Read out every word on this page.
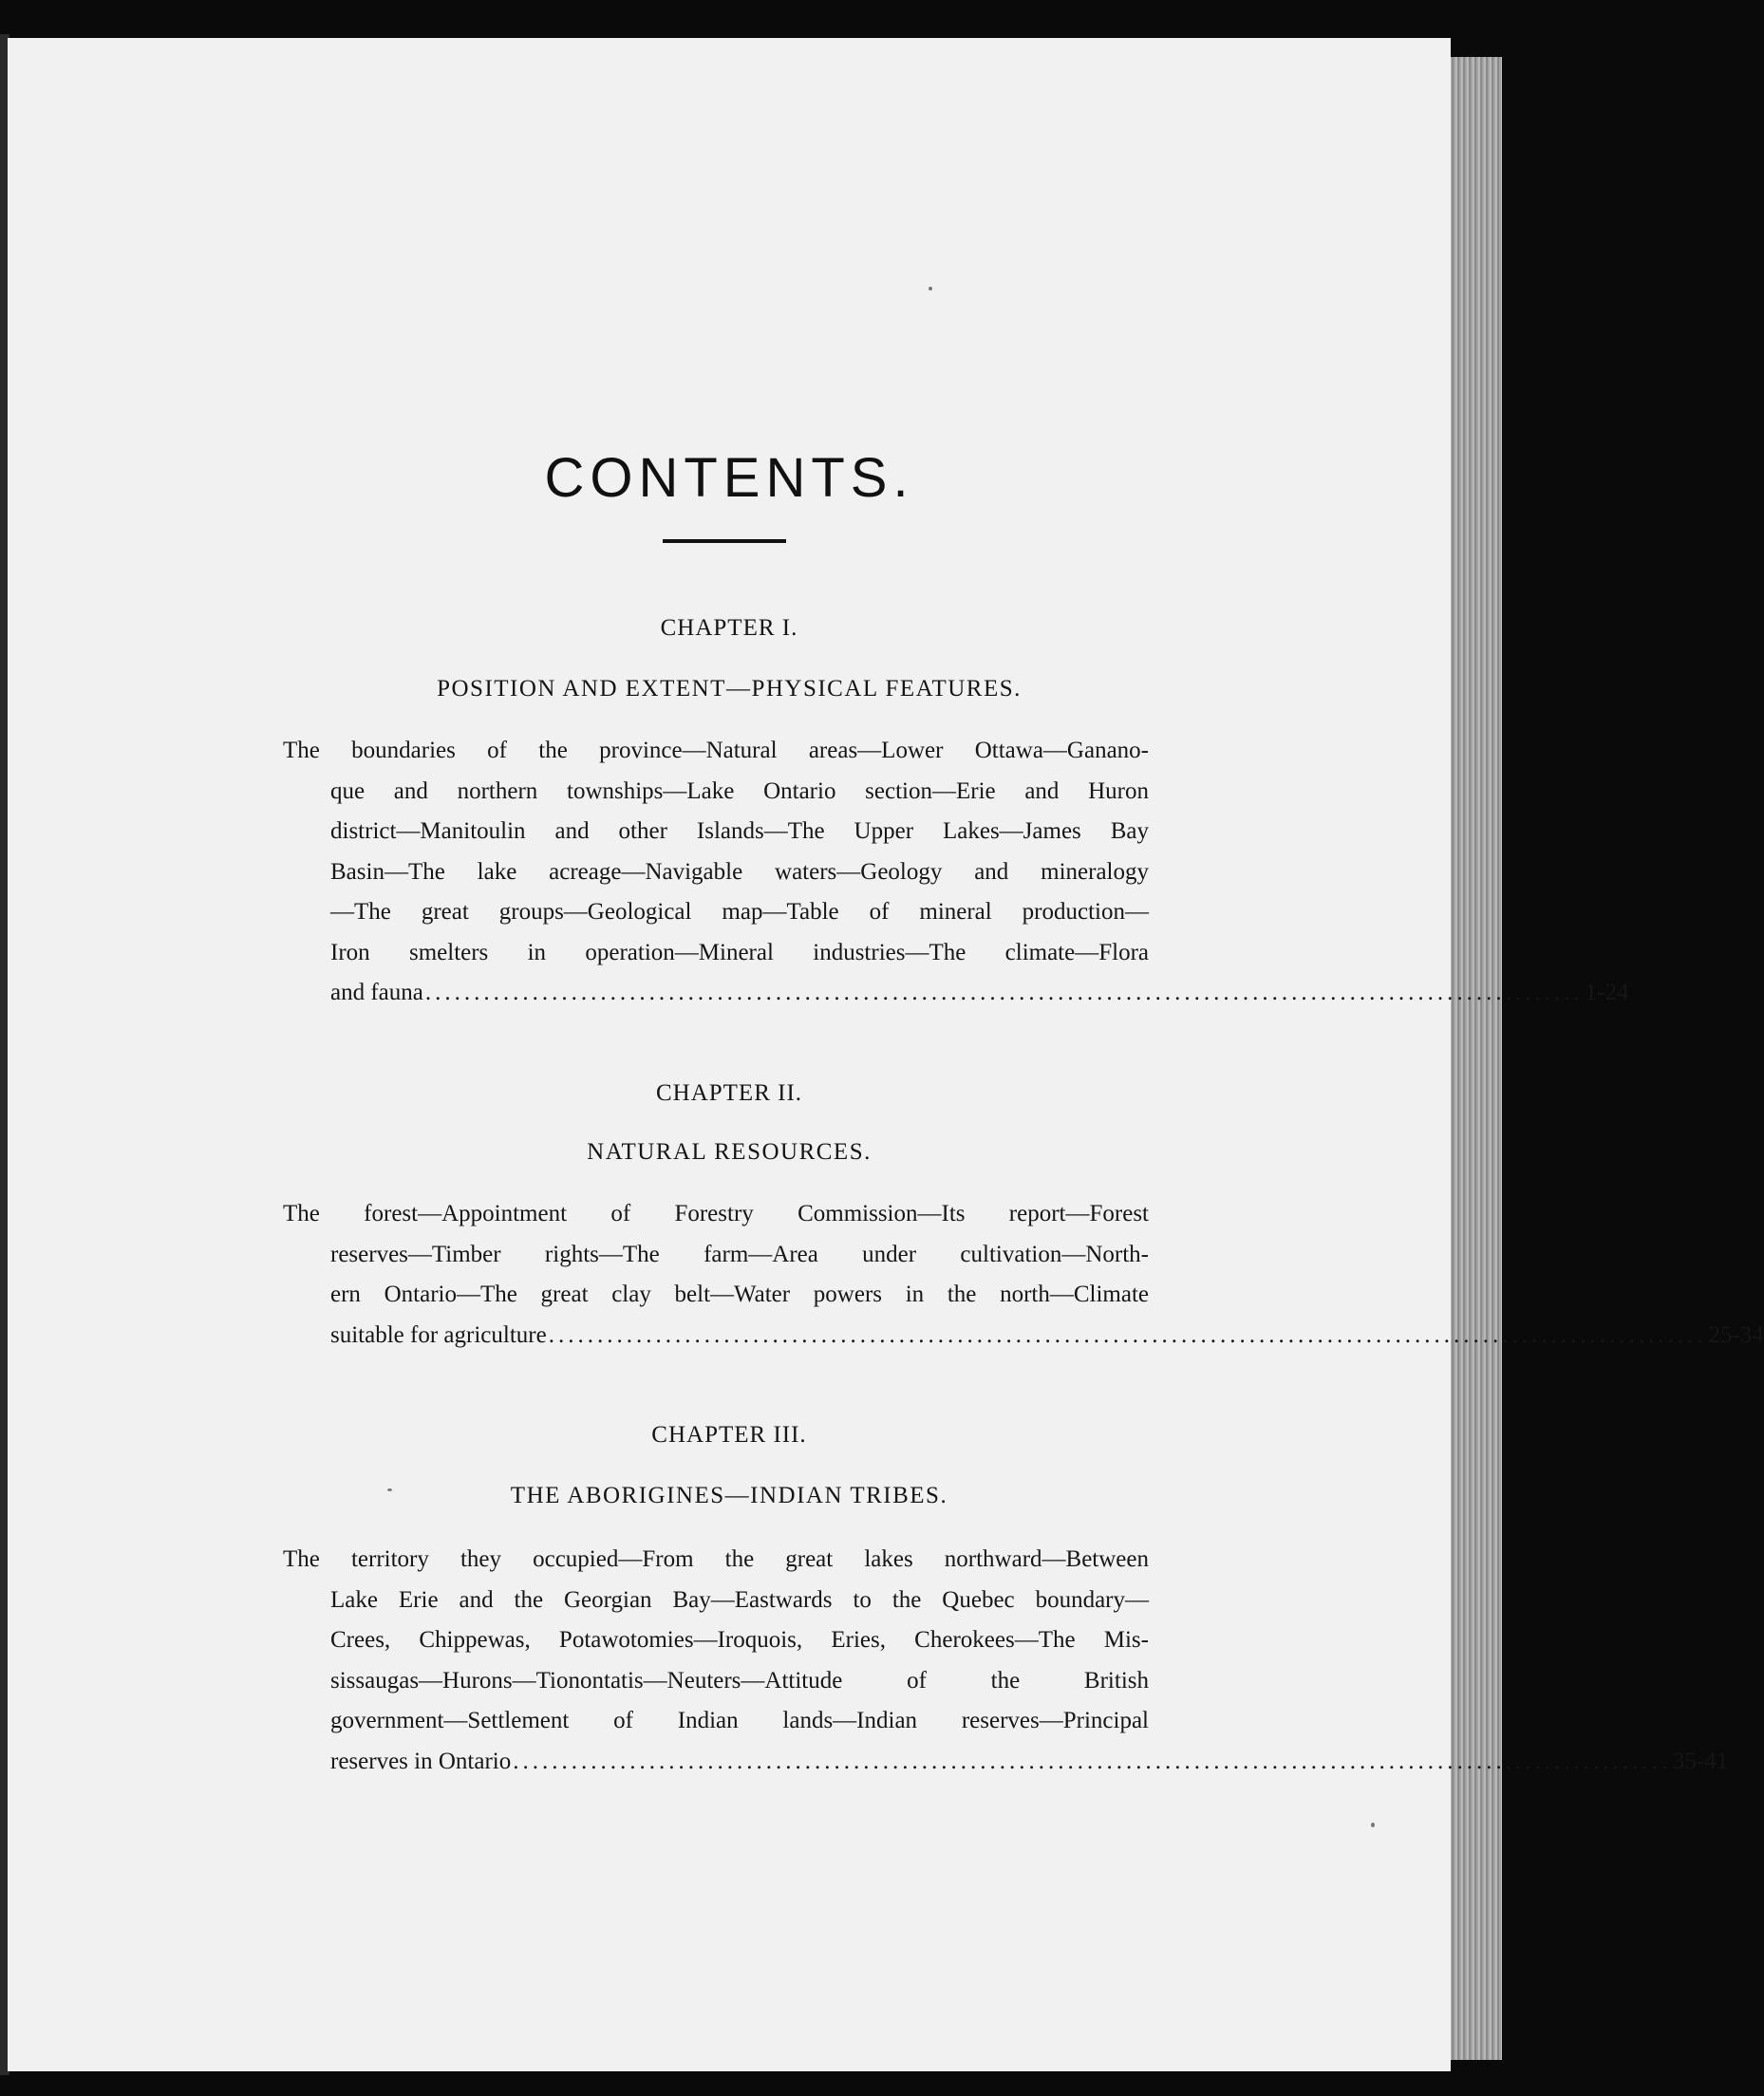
CONTENTS.
CHAPTER I.
POSITION AND EXTENT—PHYSICAL FEATURES.
The boundaries of the province—Natural areas—Lower Ottawa—Gananо-
que and northern townships—Lake Ontario section—Erie and Huron
district—Manitoulin and other Islands—The Upper Lakes—James Bay
Basin—The lake acreage—Navigable waters—Geology and mineralogy
—The great groups—Geological map—Table of mineral production—
Iron smelters in operation—Mineral industries—The climate—Flora
and fauna ....................................................................................................................... 1-24
CHAPTER II.
NATURAL RESOURCES.
The forest—Appointment of Forestry Commission—Its report—Forest
reserves—Timber rights—The farm—Area under cultivation—North-
ern Ontario—The great clay belt—Water powers in the north—Climate
suitable for agriculture ....................................................................................................................... 25-34
CHAPTER III.
THE ABORIGINES—INDIAN TRIBES.
The territory they occupied—From the great lakes northward—Between
Lake Erie and the Georgian Bay—Eastwards to the Quebec boundary—
Crees, Chippewas, Potawotomies—Iroquois, Eries, Cherokees—The Mis-
sissaugas—Hurons—Tionontatis—Neuters—Attitude of the British
government—Settlement of Indian lands—Indian reserves—Principal
reserves in Ontario ....................................................................................................................... 35-41
